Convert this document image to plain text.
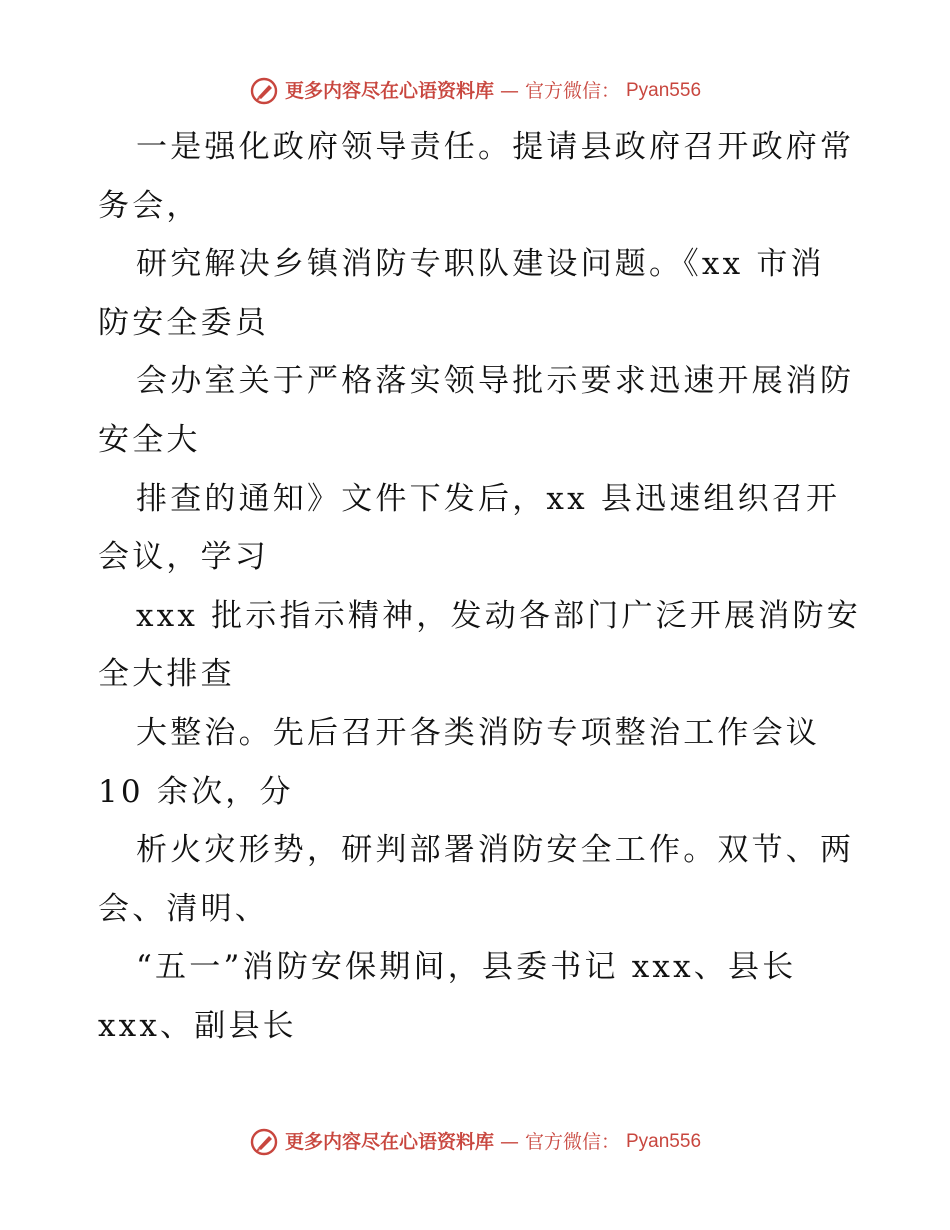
更多内容尽在心语资料库 — 官方微信： Pyan556
一是强化政府领导责任。提请县政府召开政府常
务会，
研究解决乡镇消防专职队建设问题。《xx 市消
防安全委员
会办室关于严格落实领导批示要求迅速开展消防
安全大
排查的通知》文件下发后，xx 县迅速组织召开
会议，学习
xxx 批示指示精神，发动各部门广泛开展消防安
全大排查
大整治。先后召开各类消防专项整治工作会议
10 余次，分
析火灾形势，研判部署消防安全工作。双节、两
会、清明、
“五一”消防安保期间，县委书记 xxx、县长
xxx、副县长
更多内容尽在心语资料库 — 官方微信： Pyan556
